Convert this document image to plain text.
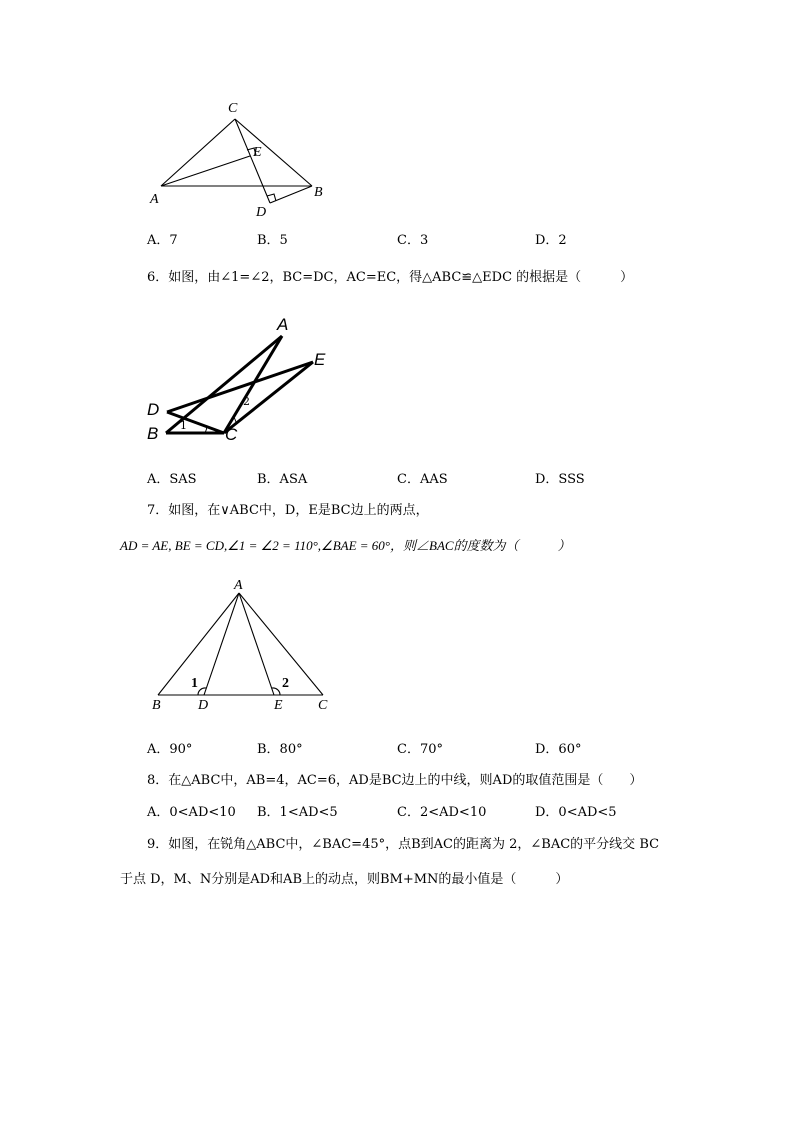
C
E
A	B
D
A．7	B．5	C．3	D．2
6．如图，由∠1=∠2，BC=DC，AC=EC，得△ABC≌△EDC 的根据是（　　　）
A
E
D
B	C
1
2
A．SAS	B．ASA	C．AAS	D．SSS
7．如图，在∨ABC中，D，E是BC边上的两点，
AD = AE, BE = CD,∠1 = ∠2 = 110°,∠BAE = 60°，则∠BAC的度数为（　　　）
A
B	D	E	C
1	2
A．90°	B．80°	C．70°	D．60°
8．在△ABC中，AB=4，AC=6，AD是BC边上的中线，则AD的取值范围是（　　）
A．0<AD<10 B．1<AD<5	C．2<AD<10	D．0<AD<5
9．如图，在锐角△ABC中，∠BAC=45°，点B到AC的距离为 2，∠BAC的平分线交 BC
于点 D，M、N分别是AD和AB上的动点，则BM+MN的最小值是（　　　）
